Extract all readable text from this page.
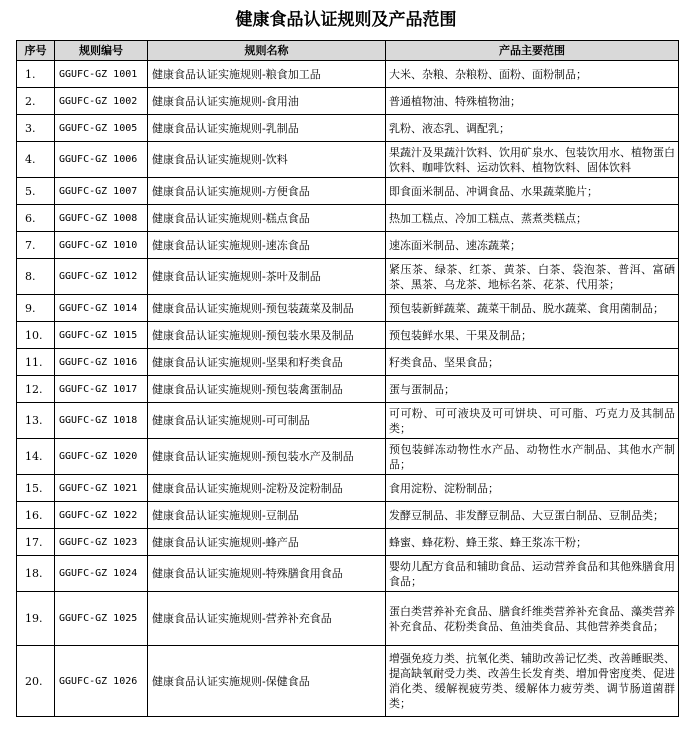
健康食品认证规则及产品范围
序号	规则编号	规则名称	产品主要范围
1.	GGUFC-GZ 1001	健康食品认证实施规则-粮食加工品	大米、杂粮、杂粮粉、面粉、面粉制品；
2.	GGUFC-GZ 1002	健康食品认证实施规则-食用油	普通植物油、特殊植物油；
3.	GGUFC-GZ 1005	健康食品认证实施规则-乳制品	乳粉、液态乳、调配乳；
4.	GGUFC-GZ 1006	健康食品认证实施规则-饮料	果蔬汁及果蔬汁饮料、饮用矿泉水、包装饮用水、植物蛋白饮料、咖啡饮料、运动饮料、植物饮料、固体饮料
5.	GGUFC-GZ 1007	健康食品认证实施规则-方便食品	即食面米制品、冲调食品、水果蔬菜脆片；
6.	GGUFC-GZ 1008	健康食品认证实施规则-糕点食品	热加工糕点、冷加工糕点、蒸煮类糕点；
7.	GGUFC-GZ 1010	健康食品认证实施规则-速冻食品	速冻面米制品、速冻蔬菜；
8.	GGUFC-GZ 1012	健康食品认证实施规则-茶叶及制品	紧压茶、绿茶、红茶、黄茶、白茶、袋泡茶、普洱、富硒茶、黑茶、乌龙茶、地标名茶、花茶、代用茶；
9.	GGUFC-GZ 1014	健康食品认证实施规则-预包装蔬菜及制品	预包装新鲜蔬菜、蔬菜干制品、脱水蔬菜、食用菌制品；
10.	GGUFC-GZ 1015	健康食品认证实施规则-预包装水果及制品	预包装鲜水果、干果及制品；
11.	GGUFC-GZ 1016	健康食品认证实施规则-坚果和籽类食品	籽类食品、坚果食品；
12.	GGUFC-GZ 1017	健康食品认证实施规则-预包装禽蛋制品	蛋与蛋制品；
13.	GGUFC-GZ 1018	健康食品认证实施规则-可可制品	可可粉、可可液块及可可饼块、可可脂、巧克力及其制品类；
14.	GGUFC-GZ 1020	健康食品认证实施规则-预包装水产及制品	预包装鲜冻动物性水产品、动物性水产制品、其他水产制品；
15.	GGUFC-GZ 1021	健康食品认证实施规则-淀粉及淀粉制品	食用淀粉、淀粉制品；
16.	GGUFC-GZ 1022	健康食品认证实施规则-豆制品	发酵豆制品、非发酵豆制品、大豆蛋白制品、豆制品类；
17.	GGUFC-GZ 1023	健康食品认证实施规则-蜂产品	蜂蜜、蜂花粉、蜂王浆、蜂王浆冻干粉；
18.	GGUFC-GZ 1024	健康食品认证实施规则-特殊膳食用食品	婴幼儿配方食品和辅助食品、运动营养食品和其他殊膳食用食品；
19.	GGUFC-GZ 1025	健康食品认证实施规则-营养补充食品	蛋白类营养补充食品、膳食纤维类营养补充食品、藻类营养补充食品、花粉类食品、鱼油类食品、其他营养类食品；
20.	GGUFC-GZ 1026	健康食品认证实施规则-保健食品	增强免疫力类、抗氧化类、辅助改善记忆类、改善睡眠类、提高缺氧耐受力类、改善生长发育类、增加骨密度类、促进消化类、缓解视疲劳类、缓解体力疲劳类、调节肠道菌群类；
